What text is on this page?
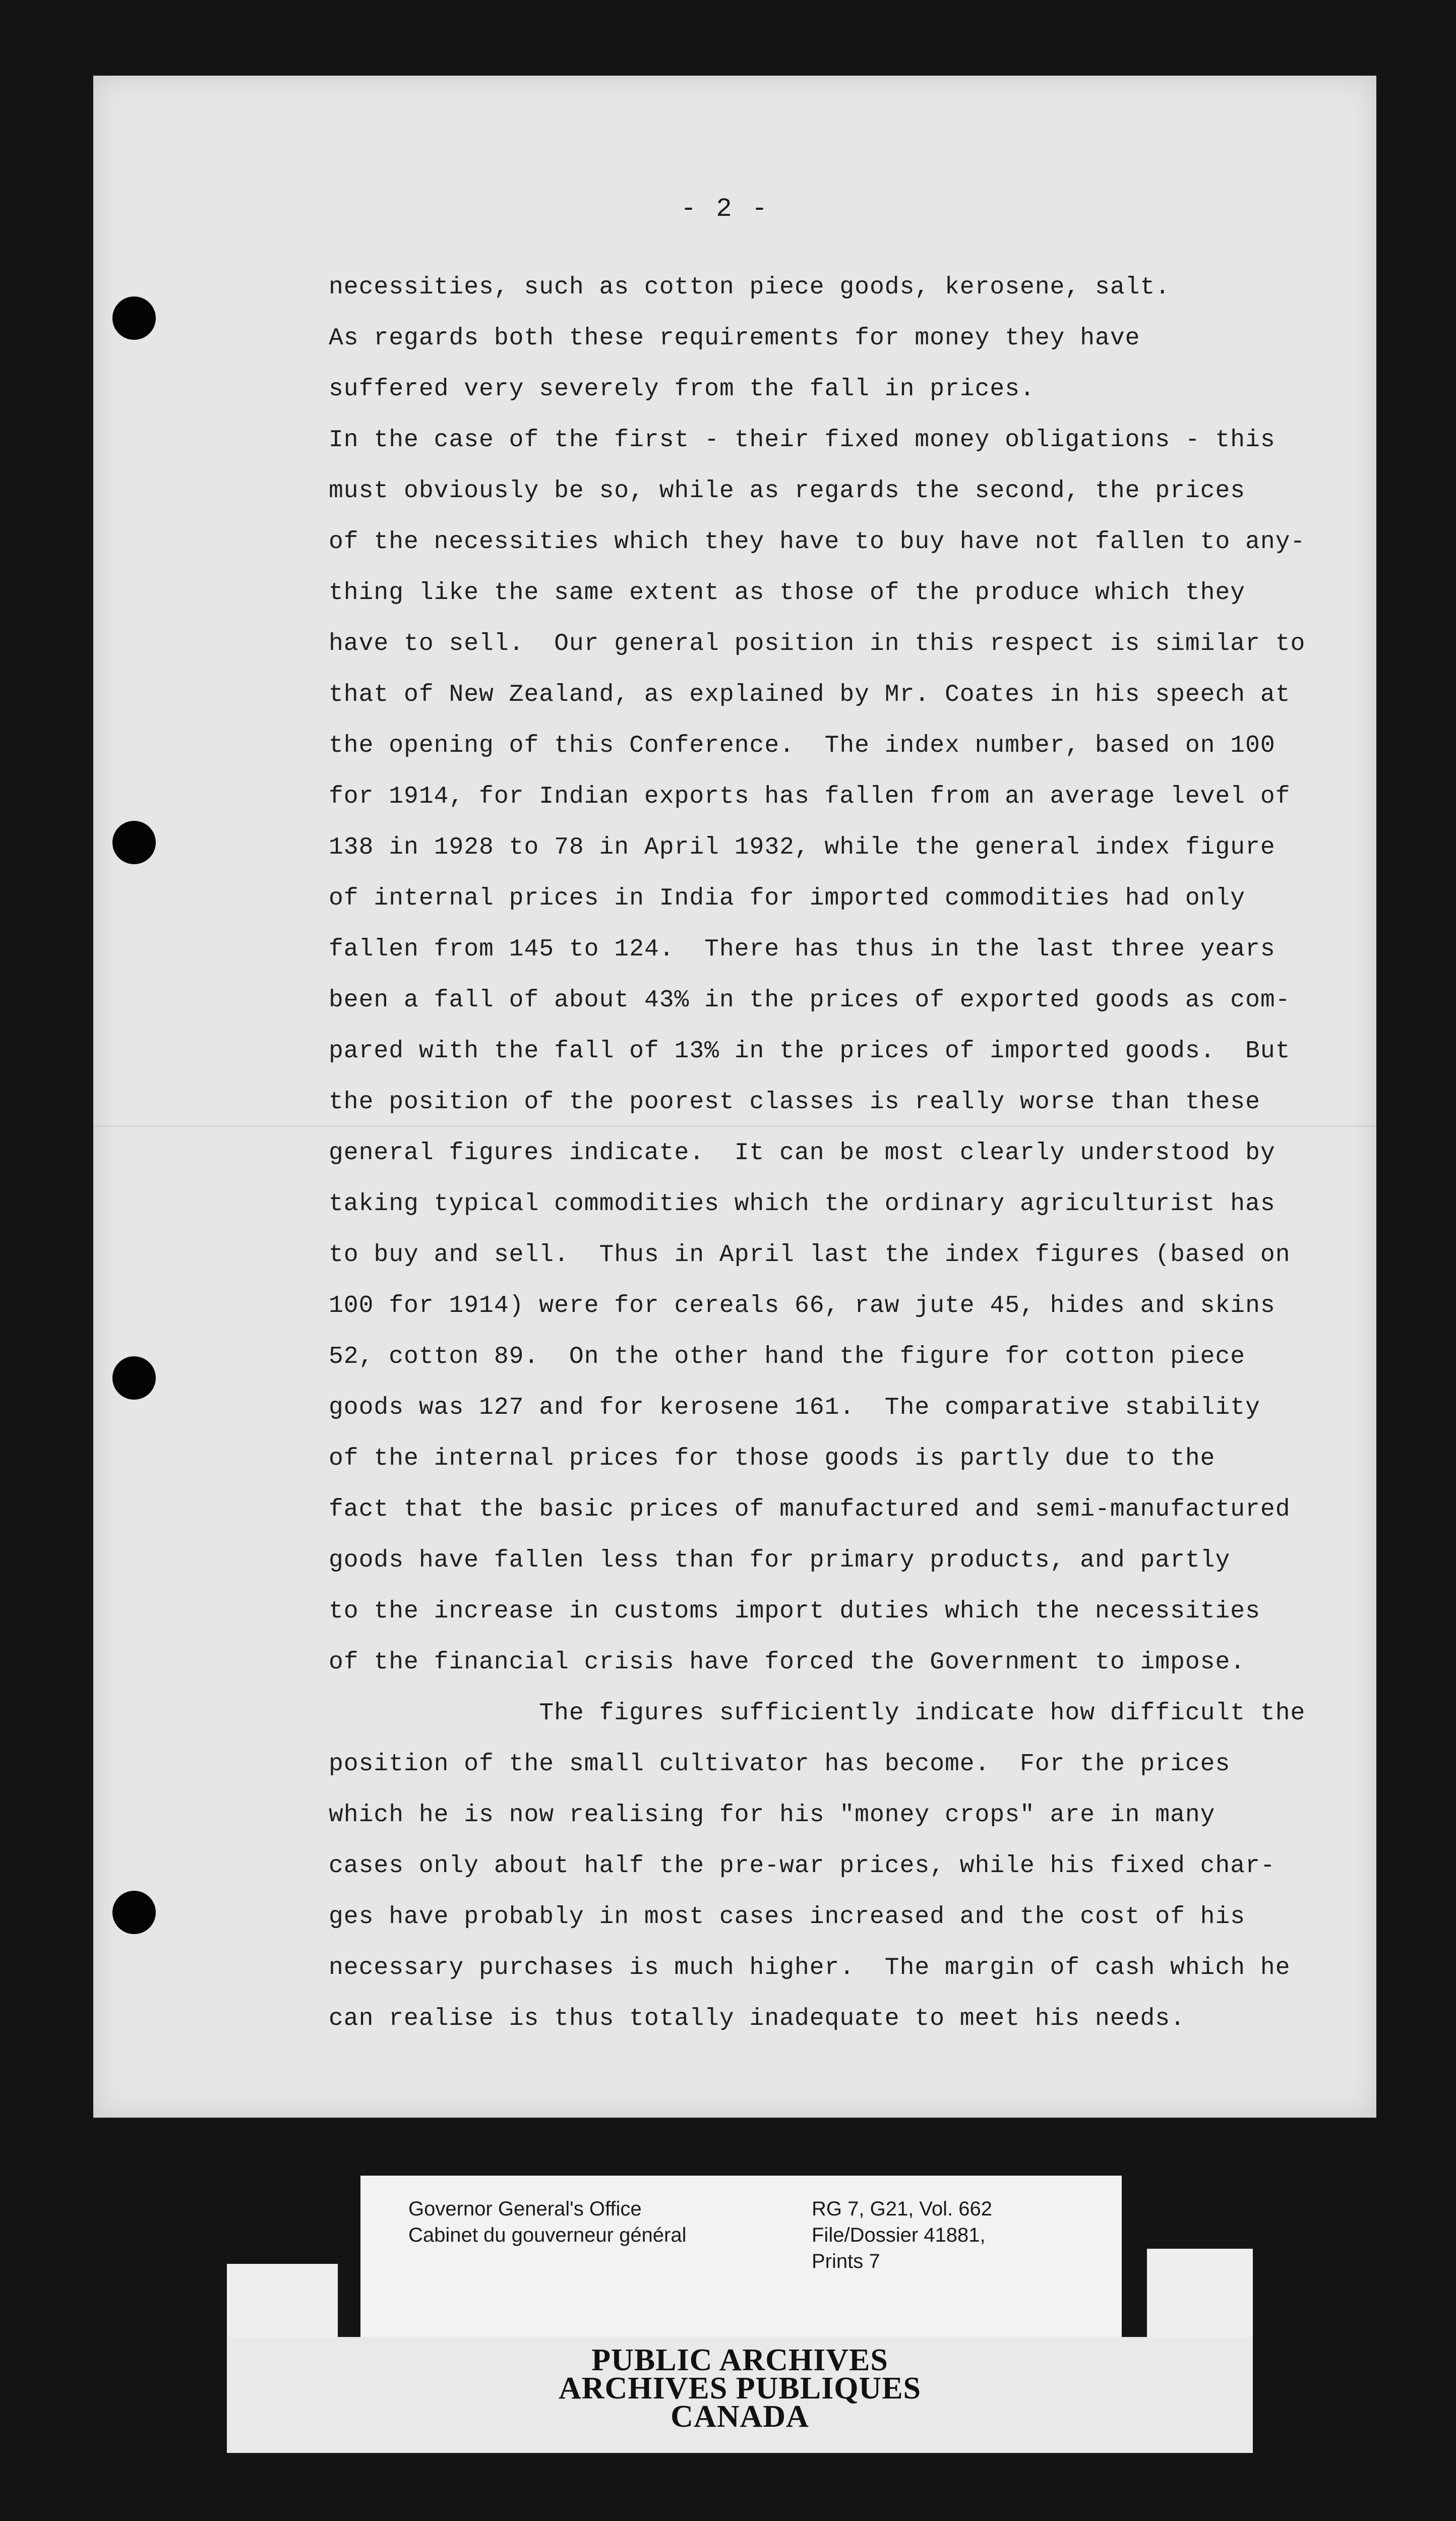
- 2 -
necessities, such as cotton piece goods, kerosene, salt.
As regards both these requirements for money they have
suffered very severely from the fall in prices.
In the case of the first - their fixed money obligations - this
must obviously be so, while as regards the second, the prices
of the necessities which they have to buy have not fallen to any-
thing like the same extent as those of the produce which they
have to sell.  Our general position in this respect is similar to
that of New Zealand, as explained by Mr. Coates in his speech at
the opening of this Conference.  The index number, based on 100
for 1914, for Indian exports has fallen from an average level of
138 in 1928 to 78 in April 1932, while the general index figure
of internal prices in India for imported commodities had only
fallen from 145 to 124.  There has thus in the last three years
been a fall of about 43% in the prices of exported goods as com-
pared with the fall of 13% in the prices of imported goods.  But
the position of the poorest classes is really worse than these
general figures indicate.  It can be most clearly understood by
taking typical commodities which the ordinary agriculturist has
to buy and sell.  Thus in April last the index figures (based on
100 for 1914) were for cereals 66, raw jute 45, hides and skins
52, cotton 89.  On the other hand the figure for cotton piece
goods was 127 and for kerosene 161.  The comparative stability
of the internal prices for those goods is partly due to the
fact that the basic prices of manufactured and semi-manufactured
goods have fallen less than for primary products, and partly
to the increase in customs import duties which the necessities
of the financial crisis have forced the Government to impose.
The figures sufficiently indicate how difficult the
position of the small cultivator has become.  For the prices
which he is now realising for his "money crops" are in many
cases only about half the pre-war prices, while his fixed char-
ges have probably in most cases increased and the cost of his
necessary purchases is much higher.  The margin of cash which he
can realise is thus totally inadequate to meet his needs.
Governor General's Office
Cabinet du gouverneur général
RG 7, G21, Vol. 662
File/Dossier 41881,
Prints 7
PUBLIC ARCHIVES
ARCHIVES PUBLIQUES
CANADA
